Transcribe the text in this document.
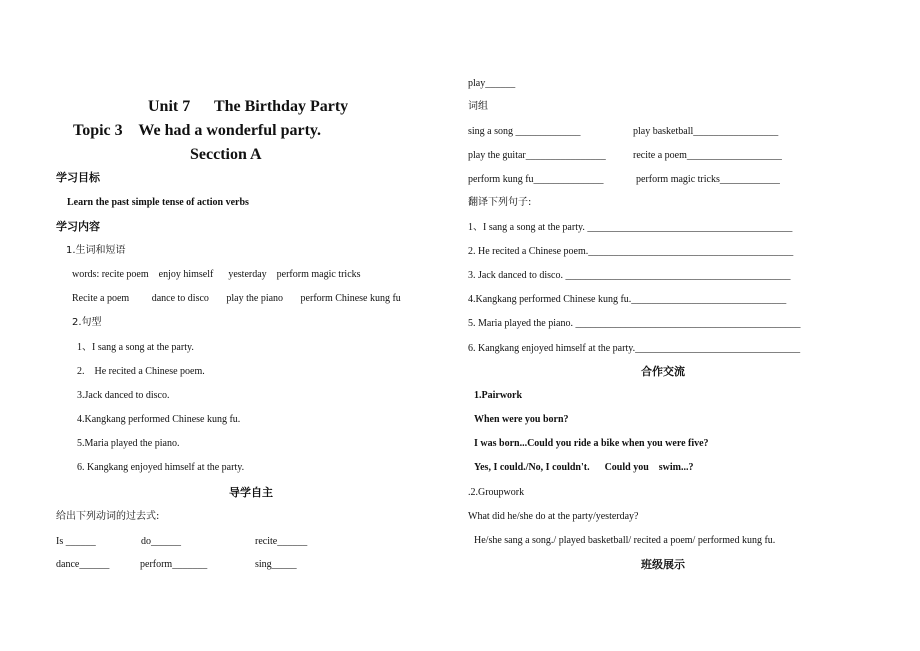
Unit 7      The Birthday Party
Topic 3    We had a wonderful party.
Secction A
学习目标
Learn the past simple tense of action verbs
学习内容
1.生词和短语
words: recite poem    enjoy himself      yesterday    perform magic tricks
Recite a poem         dance to disco       play the piano       perform Chinese kung fu
2.句型
1、I sang a song at the party.
2.    He recited a Chinese poem.
3.Jack danced to disco.
4.Kangkang performed Chinese kung fu.
5.Maria played the piano.
6. Kangkang enjoyed himself at the party.
导学自主
给出下列动词的过去式:
Is ______	do______	recite______
dance______	perform_______	sing_____
play______
词组
sing a song _____________	play basketball_________________
play the guitar________________	recite a poem___________________
perform kung fu______________	perform magic tricks____________
翻译下列句子:
1、I sang a song at the party. _________________________________________
2. He recited a Chinese poem._________________________________________
3. Jack danced to disco. _____________________________________________
4.Kangkang performed Chinese kung fu._______________________________
5. Maria played the piano. _____________________________________________
6. Kangkang enjoyed himself at the party._________________________________
合作交流
1.Pairwork
When were you born?
I was born...Could you ride a bike when you were five?
Yes, I could./No, I couldn't.      Could you    swim...?
.2.Groupwork
What did he/she do at the party/yesterday?
He/she sang a song./ played basketball/ recited a poem/ performed kung fu.
班级展示
